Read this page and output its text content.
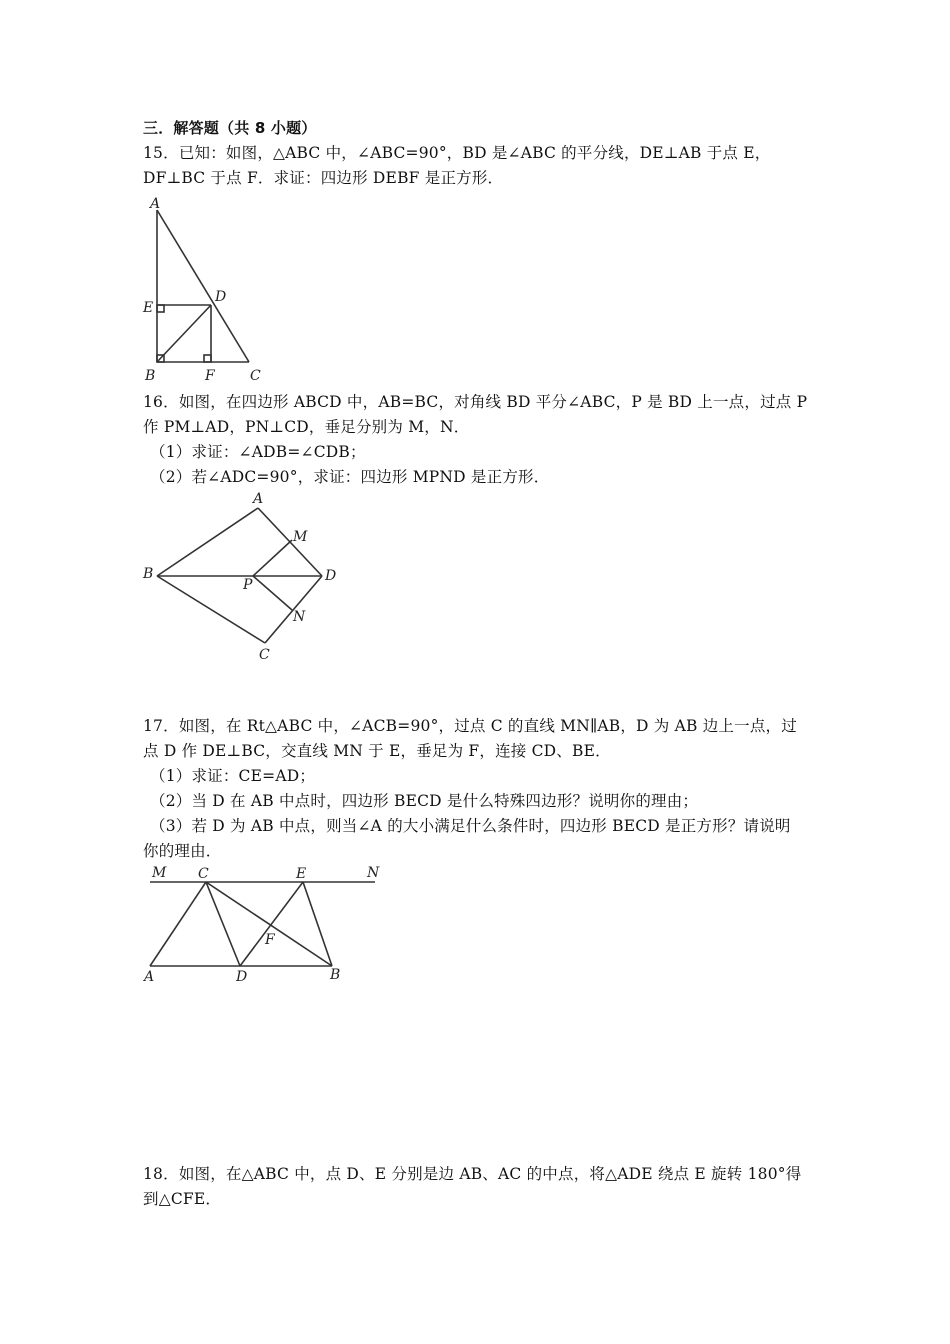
三．解答题（共 8 小题）
15．已知：如图，△ABC 中，∠ABC=90°，BD 是∠ABC 的平分线，DE⊥AB 于点 E，
DF⊥BC 于点 F．求证：四边形 DEBF 是正方形．
A
E
D
B	F	C
16．如图，在四边形 ABCD 中，AB=BC，对角线 BD 平分∠ABC，P 是 BD 上一点，过点 P
作 PM⊥AD，PN⊥CD，垂足分别为 M，N．
（1）求证：∠ADB=∠CDB；
（2）若∠ADC=90°，求证：四边形 MPND 是正方形．
A
M
B
P
D
N
C
17．如图，在 Rt△ABC 中，∠ACB=90°，过点 C 的直线 MN∥AB，D 为 AB 边上一点，过
点 D 作 DE⊥BC，交直线 MN 于 E，垂足为 F，连接 CD、BE．
（1）求证：CE=AD；
（2）当 D 在 AB 中点时，四边形 BECD 是什么特殊四边形？说明你的理由；
（3）若 D 为 AB 中点，则当∠A 的大小满足什么条件时，四边形 BECD 是正方形？请说明
你的理由．
M C	E	N
F
A	D	B
18．如图，在△ABC 中，点 D、E 分别是边 AB、AC 的中点，将△ADE 绕点 E 旋转 180°得
到△CFE．
